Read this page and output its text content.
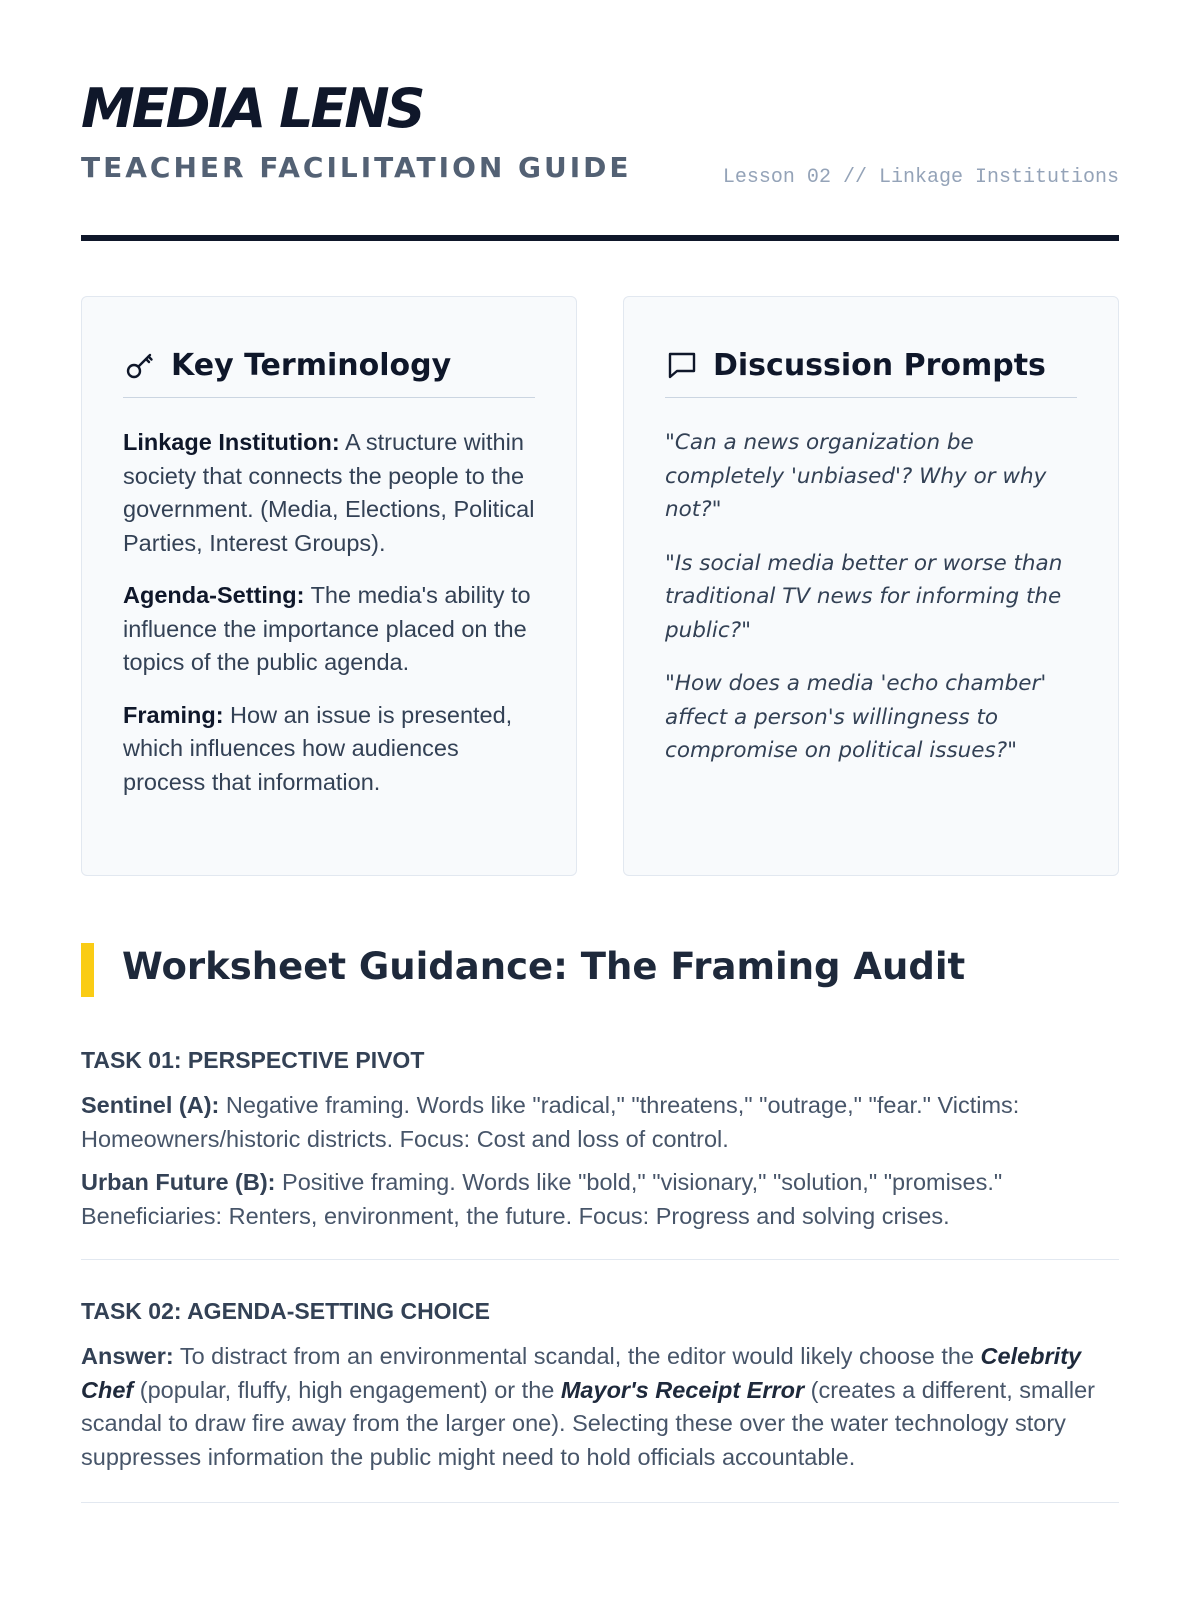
MEDIA LENS
TEACHER FACILITATION GUIDE	Lesson 02 // Linkage Institutions
Key Terminology

Linkage Institution: A structure within society that connects the people to the government. (Media, Elections, Political Parties, Interest Groups).

Agenda-Setting: The media's ability to influence the importance placed on the topics of the public agenda.

Framing: How an issue is presented, which influences how audiences process that information.

Discussion Prompts

"Can a news organization be completely 'unbiased'? Why or why not?"

"Is social media better or worse than traditional TV news for informing the public?"

"How does a media 'echo chamber' affect a person's willingness to compromise on political issues?"

Worksheet Guidance: The Framing Audit
TASK 01: PERSPECTIVE PIVOT

Sentinel (A): Negative framing. Words like "radical," "threatens," "outrage," "fear." Victims: Homeowners/historic districts. Focus: Cost and loss of control.

Urban Future (B): Positive framing. Words like "bold," "visionary," "solution," "promises." Beneficiaries: Renters, environment, the future. Focus: Progress and solving crises.

TASK 02: AGENDA-SETTING CHOICE

Answer: To distract from an environmental scandal, the editor would likely choose the Celebrity Chef (popular, fluffy, high engagement) or the Mayor's Receipt Error (creates a different, smaller scandal to draw fire away from the larger one). Selecting these over the water technology story suppresses information the public might need to hold officials accountable.
